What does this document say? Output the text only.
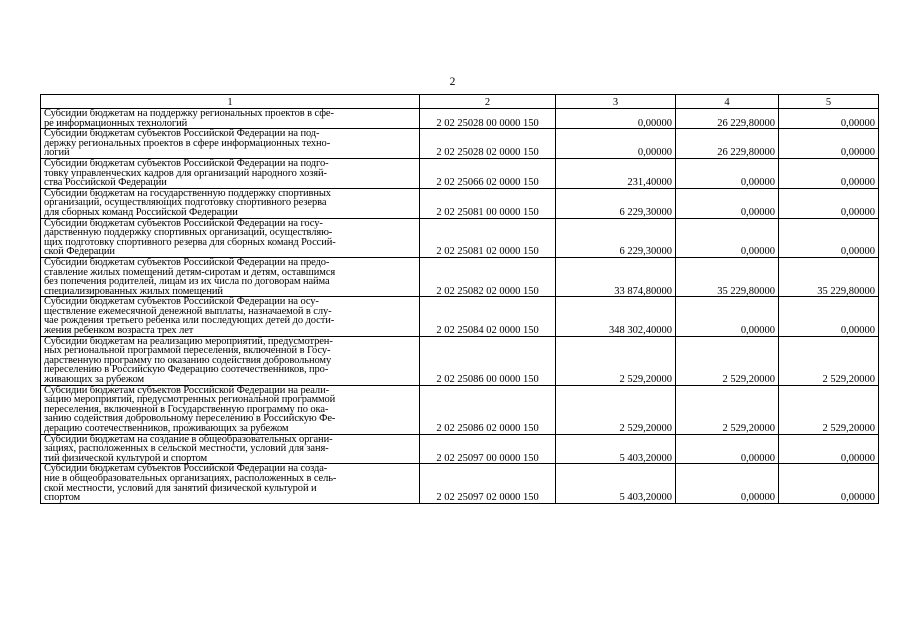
2
1	2	3	4	5
Субсидии бюджетам на поддержку региональных проектов в сфе-
ре информационных технологий	2 02 25028 00 0000 150	0,00000	26 229,80000	0,00000
Субсидии бюджетам субъектов Российской Федерации на под-
держку региональных проектов в сфере информационных техно-
логий	2 02 25028 02 0000 150	0,00000	26 229,80000	0,00000
Субсидии бюджетам субъектов Российской Федерации на подго-
товку управленческих кадров для организаций народного хозяй-
ства Российской Федерации	2 02 25066 02 0000 150	231,40000	0,00000	0,00000
Субсидии бюджетам на государственную поддержку спортивных
организаций, осуществляющих подготовку спортивного резерва
для сборных команд Российской Федерации	2 02 25081 00 0000 150	6 229,30000	0,00000	0,00000
Субсидии бюджетам субъектов Российской Федерации на госу-
дарственную поддержку спортивных организаций, осуществляю-
щих подготовку спортивного резерва для сборных команд Россий-
ской Федерации	2 02 25081 02 0000 150	6 229,30000	0,00000	0,00000
Субсидии бюджетам субъектов Российской Федерации на предо-
ставление жилых помещений детям-сиротам и детям, оставшимся
без попечения родителей, лицам из их числа по договорам найма
специализированных жилых помещений	2 02 25082 02 0000 150	33 874,80000	35 229,80000	35 229,80000
Субсидии бюджетам субъектов Российской Федерации на осу-
ществление ежемесячной денежной выплаты, назначаемой в слу-
чае рождения третьего ребенка или последующих детей до дости-
жения ребенком возраста трех лет	2 02 25084 02 0000 150	348 302,40000	0,00000	0,00000
Субсидии бюджетам на реализацию мероприятий, предусмотрен-
ных региональной программой переселения, включенной в Госу-
дарственную программу по оказанию содействия добровольному
переселению в Российскую Федерацию соотечественников, про-
живающих за рубежом	2 02 25086 00 0000 150	2 529,20000	2 529,20000	2 529,20000
Субсидии бюджетам субъектов Российской Федерации на реали-
зацию мероприятий, предусмотренных региональной программой
переселения, включенной в Государственную программу по ока-
занию содействия добровольному переселению в Российскую Фе-
дерацию соотечественников, проживающих за рубежом	2 02 25086 02 0000 150	2 529,20000	2 529,20000	2 529,20000
Субсидии бюджетам на создание в общеобразовательных органи-
зациях, расположенных в сельской местности, условий для заня-
тий физической культурой и спортом	2 02 25097 00 0000 150	5 403,20000	0,00000	0,00000
Субсидии бюджетам субъектов Российской Федерации на созда-
ние в общеобразовательных организациях, расположенных в сель-
ской местности, условий для занятий физической культурой и
спортом	2 02 25097 02 0000 150	5 403,20000	0,00000	0,00000
